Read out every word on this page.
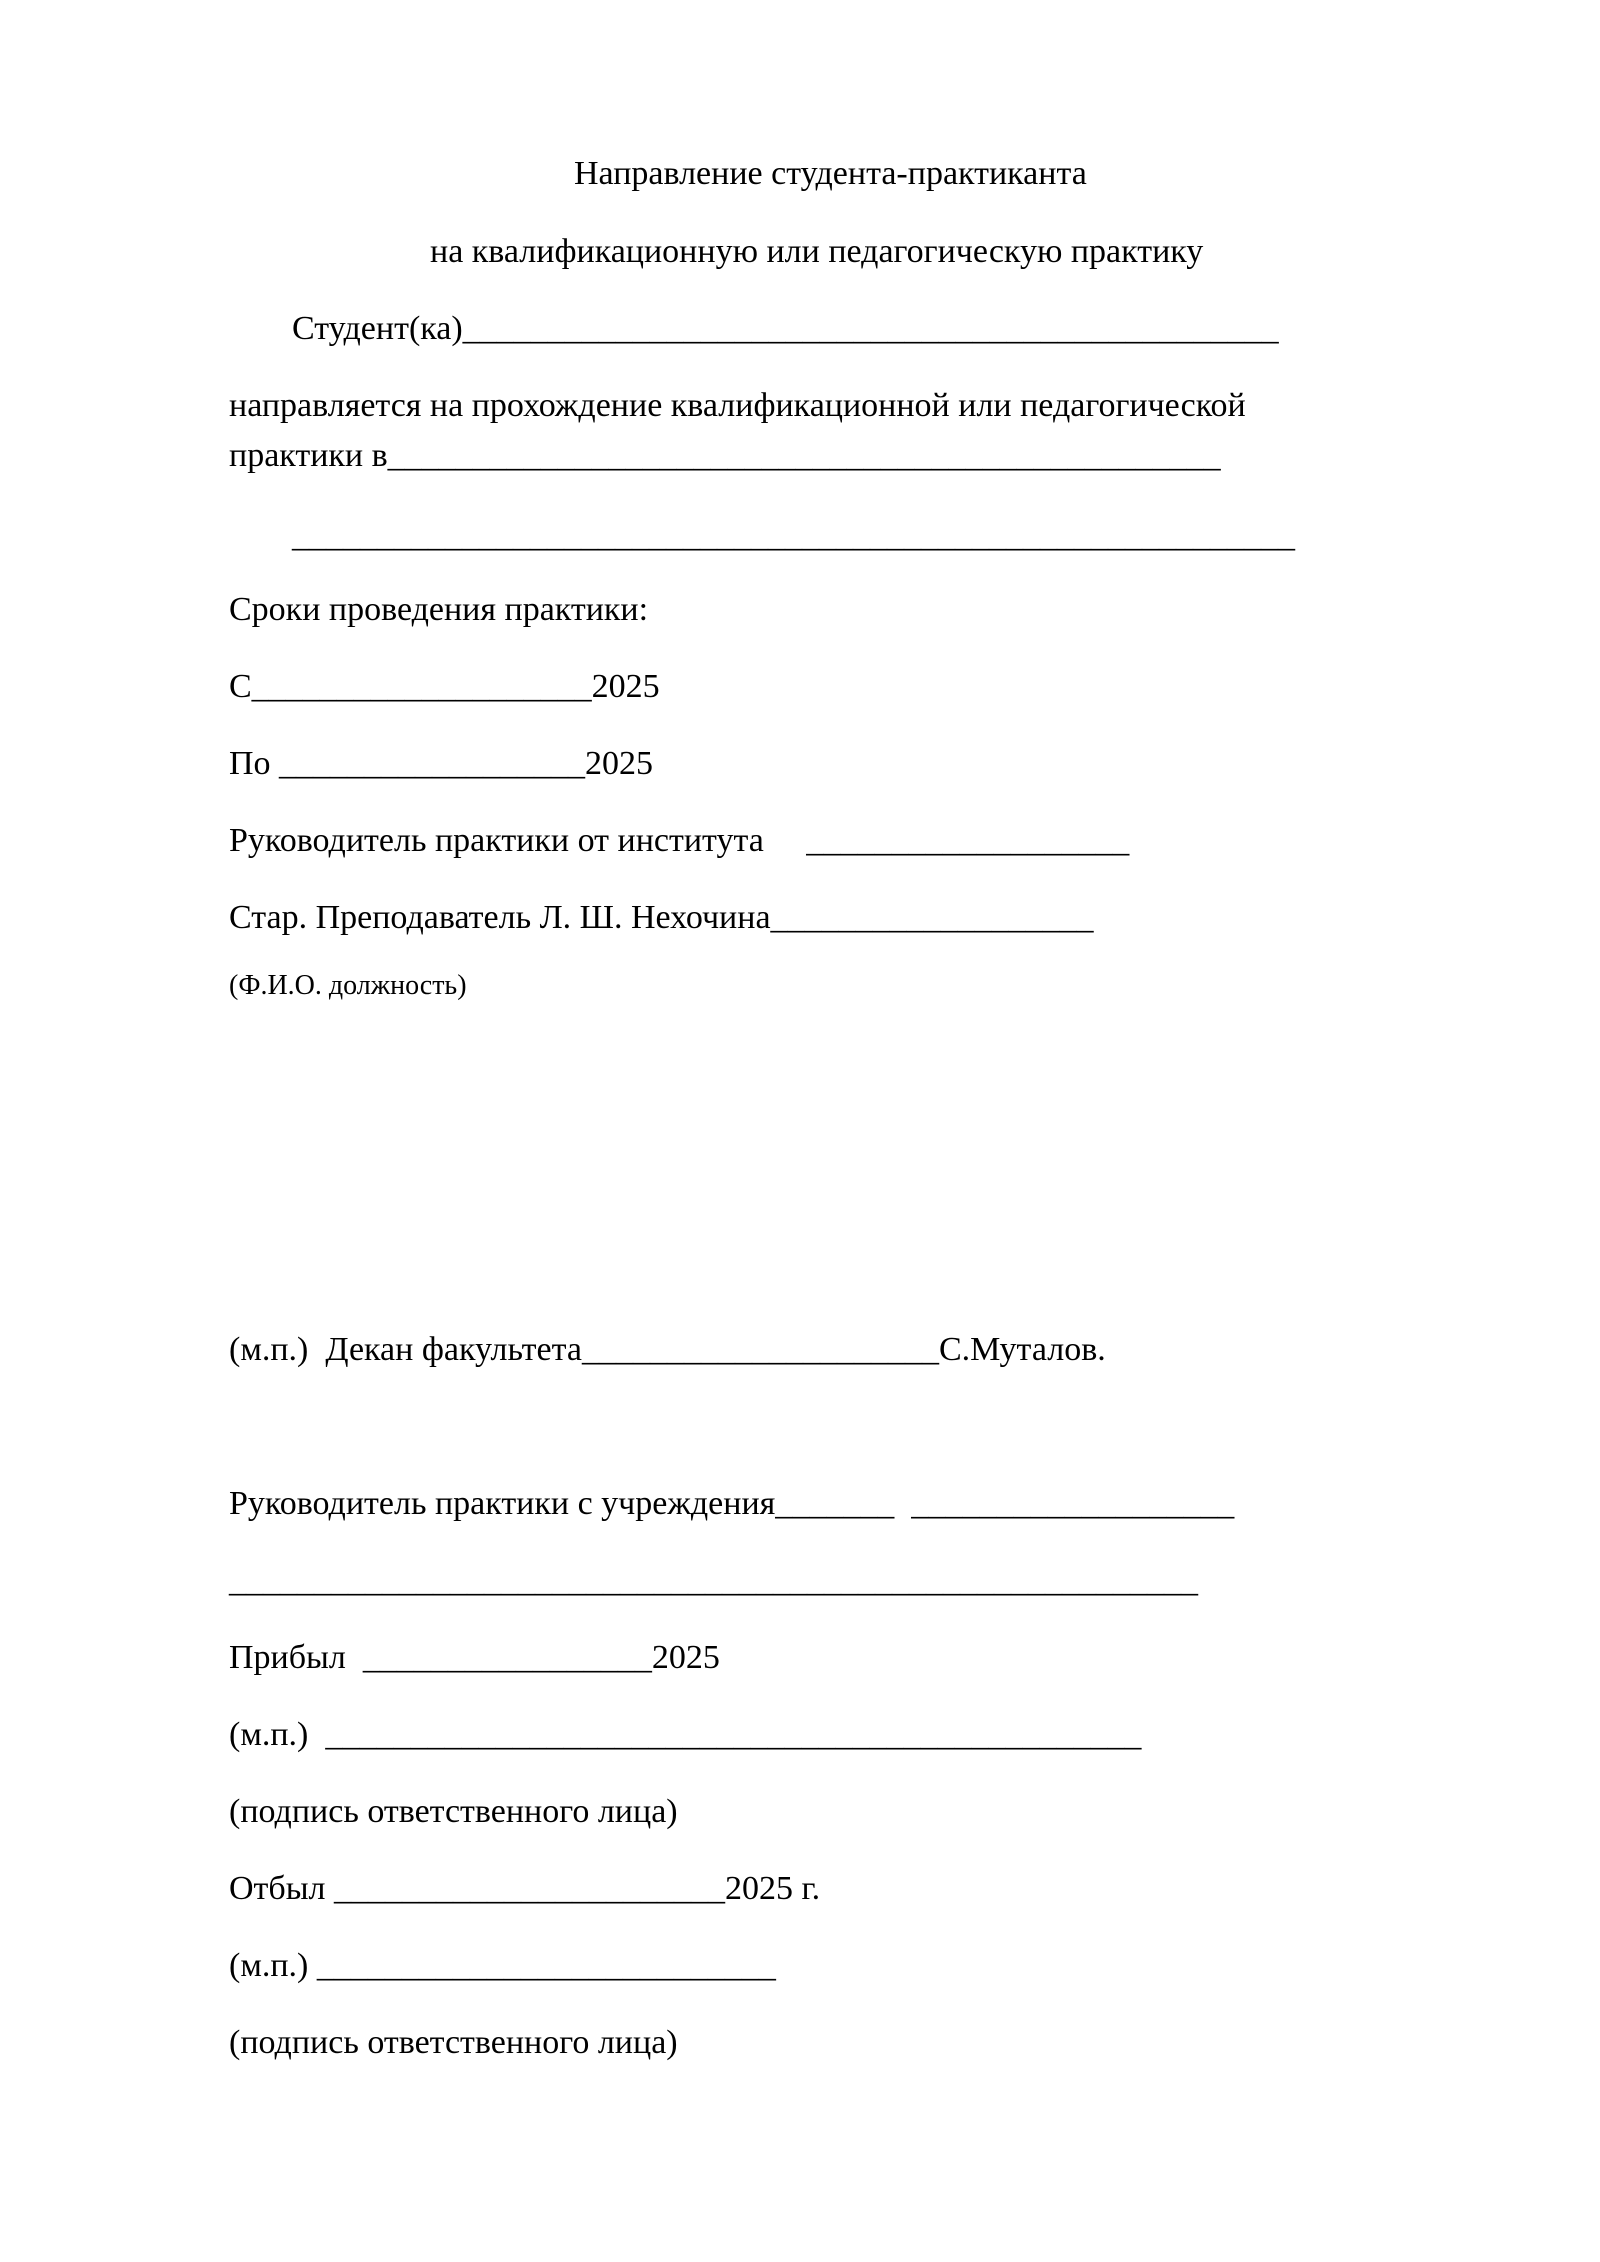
Направление студента-практиканта
на квалификационную или педагогическую практику
Студент(ка)________________________________________________
направляется на прохождение квалификационной или педагогической
практики в_________________________________________________
___________________________________________________________
Сроки проведения практики:
С____________________2025
По __________________2025
Руководитель практики от института     ___________________
Стар. Преподаватель Л. Ш. Нехочина___________________
(Ф.И.О. должность)
(м.п.)  Декан факультета_____________________С.Муталов.
Руководитель практики с учреждения_______  ___________________
_________________________________________________________
Прибыл  _________________2025
(м.п.)  ________________________________________________
(подпись ответственного лица)
Отбыл _______________________2025 г.
(м.п.) ___________________________
(подпись ответственного лица)
